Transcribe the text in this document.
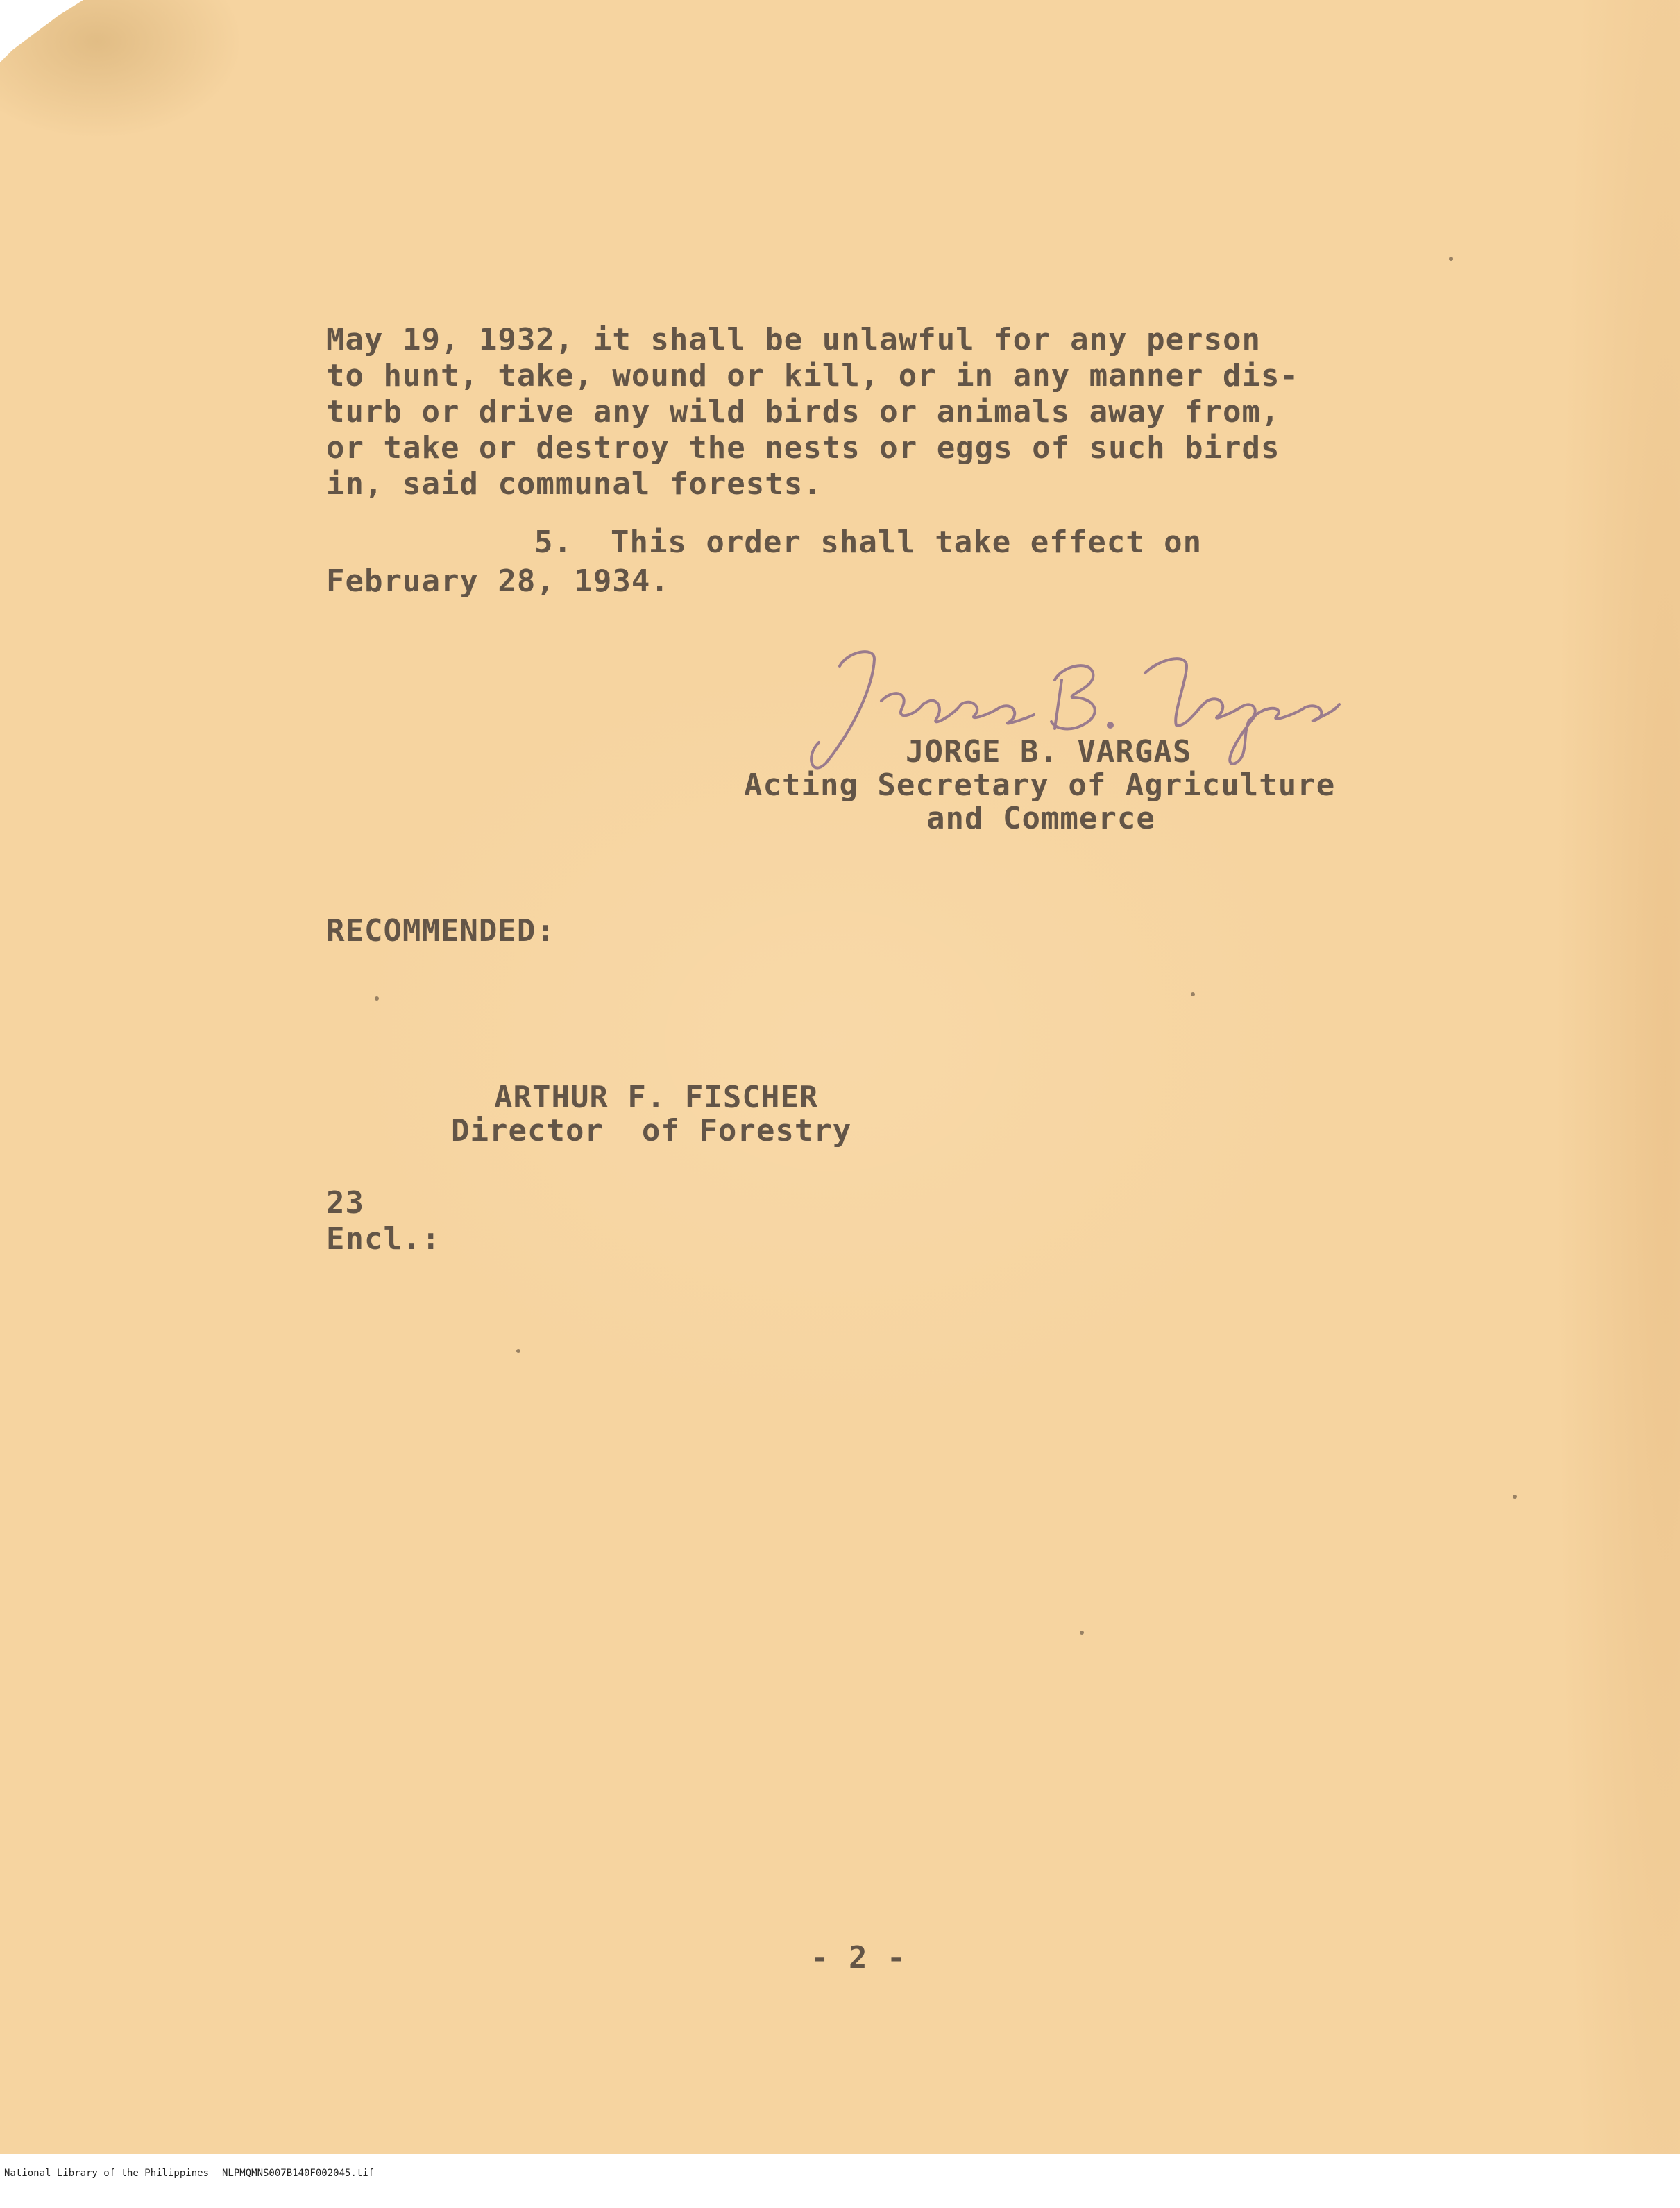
May 19, 1932, it shall be unlawful for any person
to hunt, take, wound or kill, or in any manner dis-
turb or drive any wild birds or animals away from,
or take or destroy the nests or eggs of such birds
in, said communal forests.
5.  This order shall take effect on
February 28, 1934.
JORGE B. VARGAS
Acting Secretary of Agriculture
and Commerce
RECOMMENDED:
ARTHUR F. FISCHER
Director  of Forestry
23
Encl.:
- 2 -

National Library of the Philippines

NLPMQMNS007B140F002045.tif
